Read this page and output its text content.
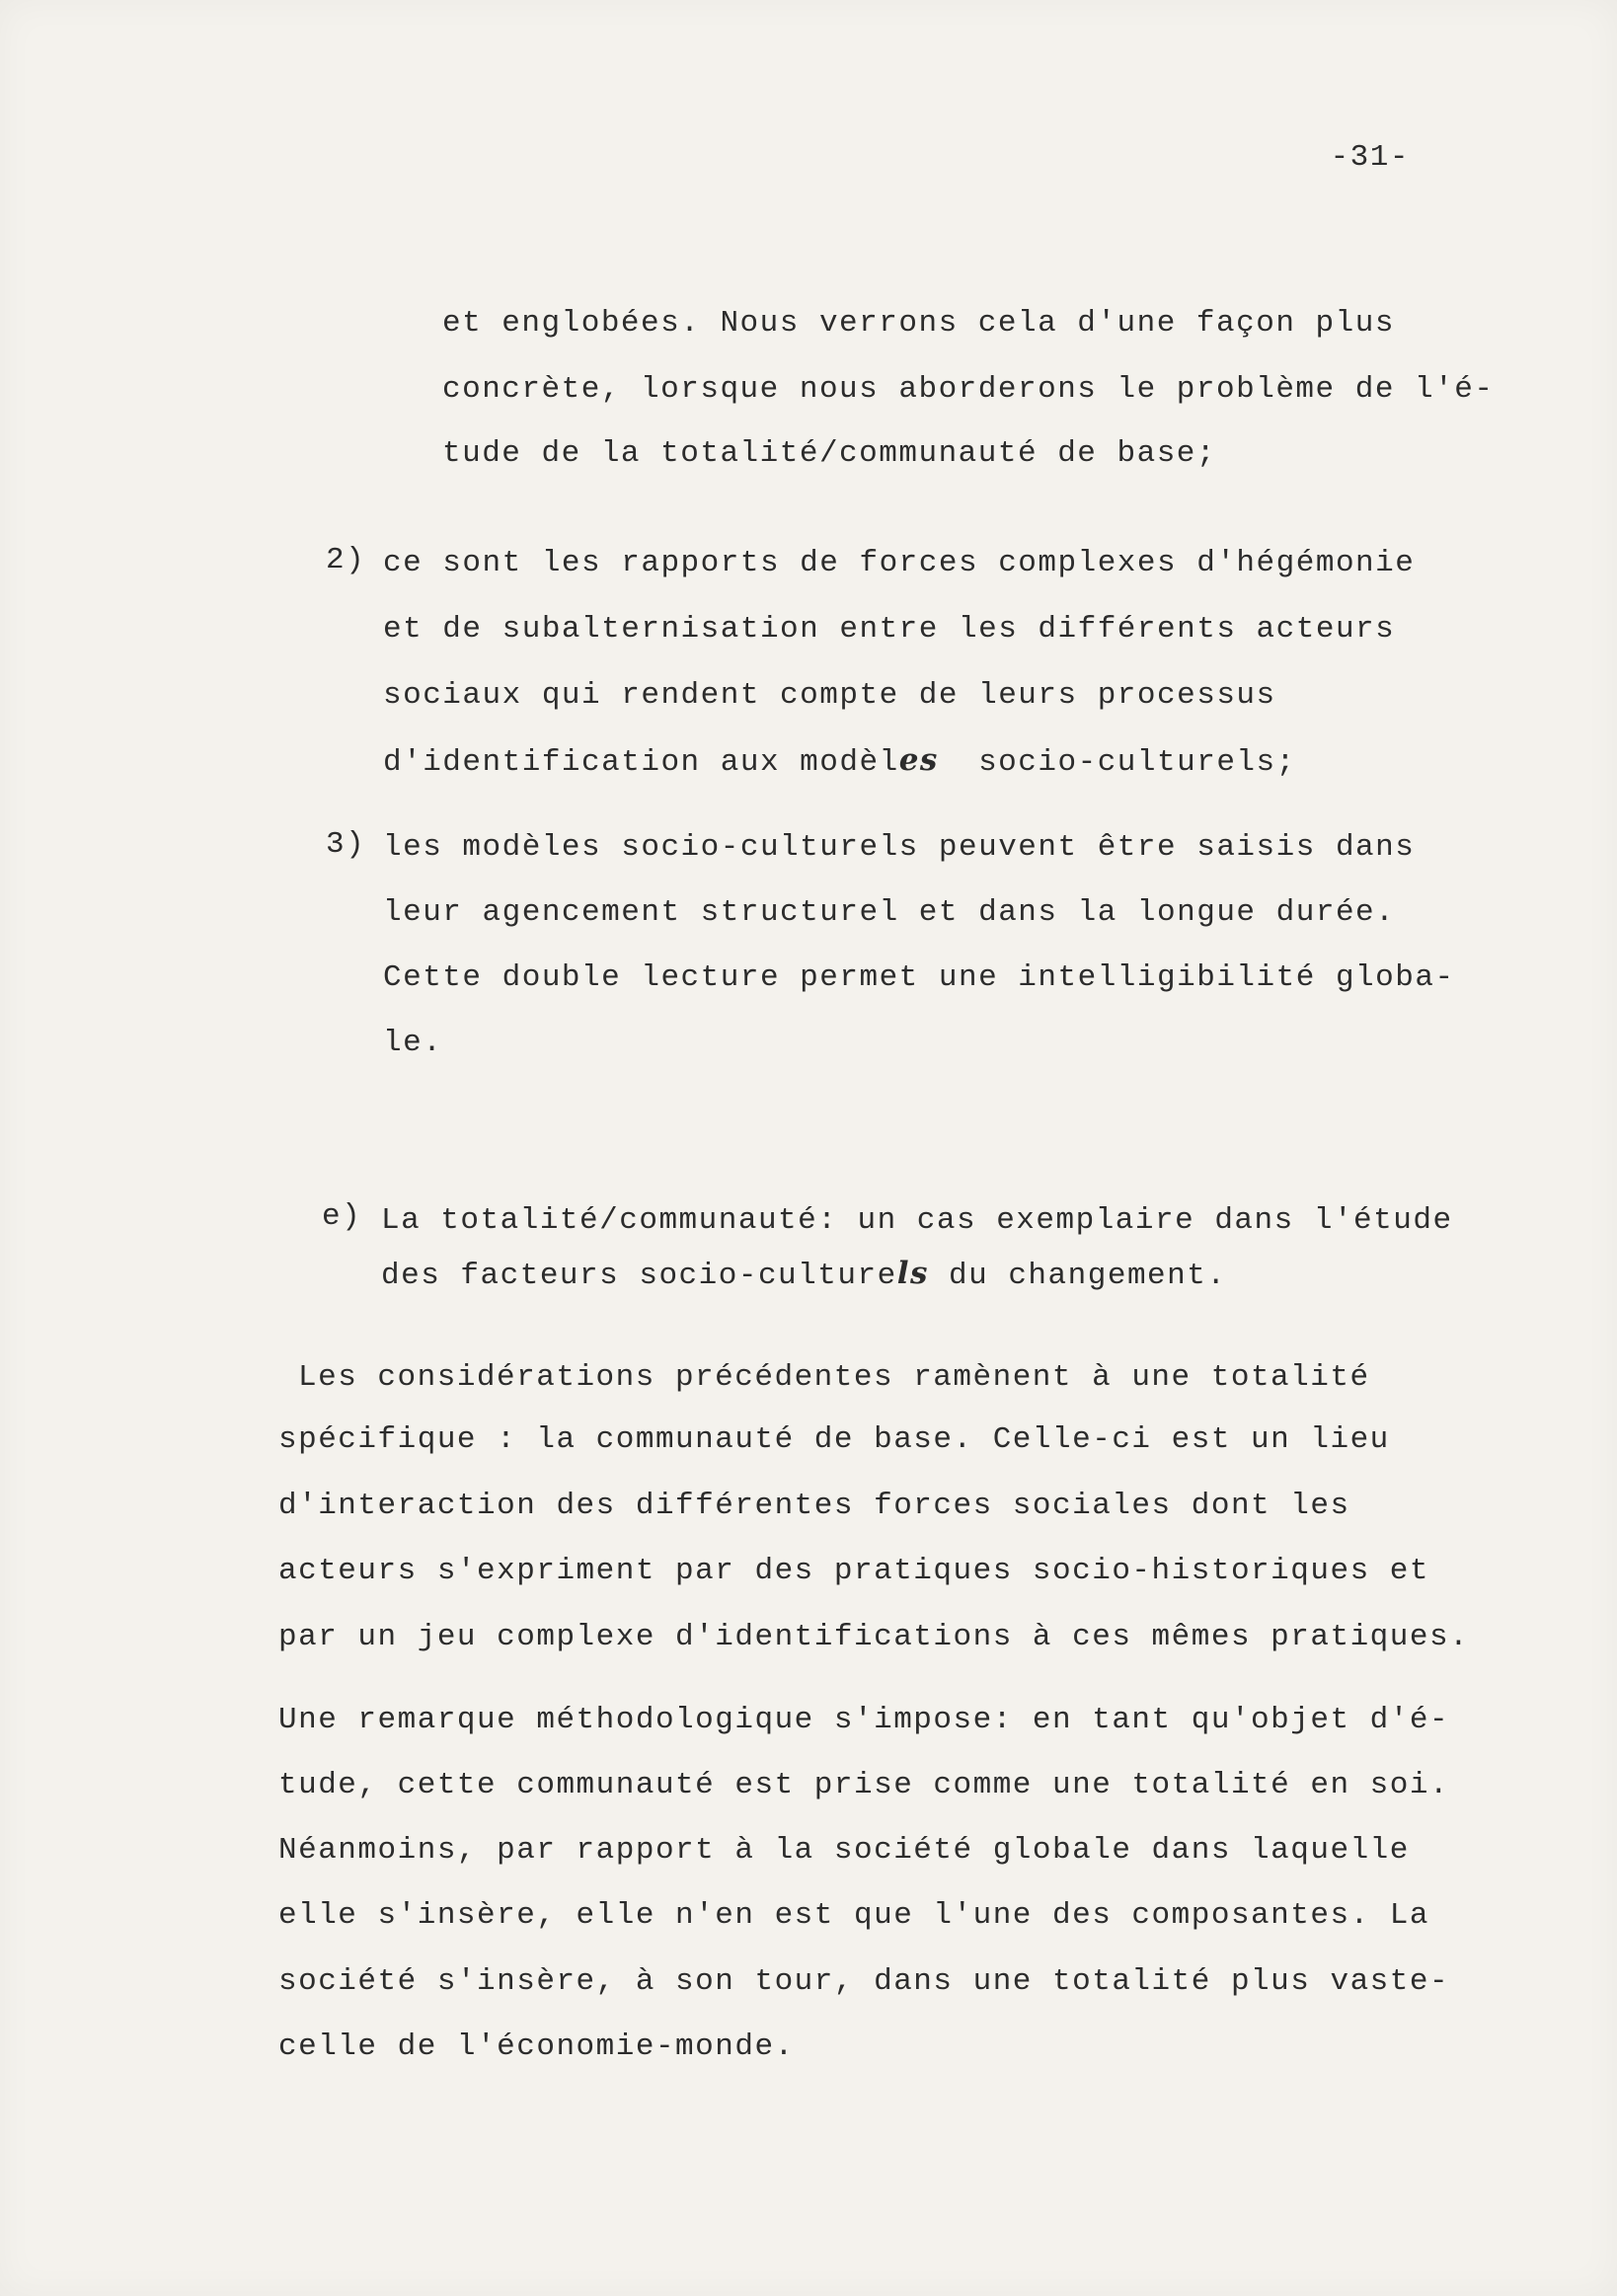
-31-
et englobées. Nous verrons cela d'une façon plus
concrète, lorsque nous aborderons le problème de l'é-
tude de la totalité/communauté de base;
2) ce sont les rapports de forces complexes d'hégémonie
et de subalternisation entre les différents acteurs
sociaux qui rendent compte de leurs processus
d'identification aux modèles  socio-culturels;
3) les modèles socio-culturels peuvent être saisis dans
leur agencement structurel et dans la longue durée.
Cette double lecture permet une intelligibilité globa-
le.
e) La totalité/communauté: un cas exemplaire dans l'étude
des facteurs socio-culturels du changement.
Les considérations précédentes ramènent à une totalité
spécifique : la communauté de base. Celle-ci est un lieu
d'interaction des différentes forces sociales dont les
acteurs s'expriment par des pratiques socio-historiques et
par un jeu complexe d'identifications à ces mêmes pratiques.
Une remarque méthodologique s'impose: en tant qu'objet d'é-
tude, cette communauté est prise comme une totalité en soi.
Néanmoins, par rapport à la société globale dans laquelle
elle s'insère, elle n'en est que l'une des composantes. La
société s'insère, à son tour, dans une totalité plus vaste-
celle de l'économie-monde.
